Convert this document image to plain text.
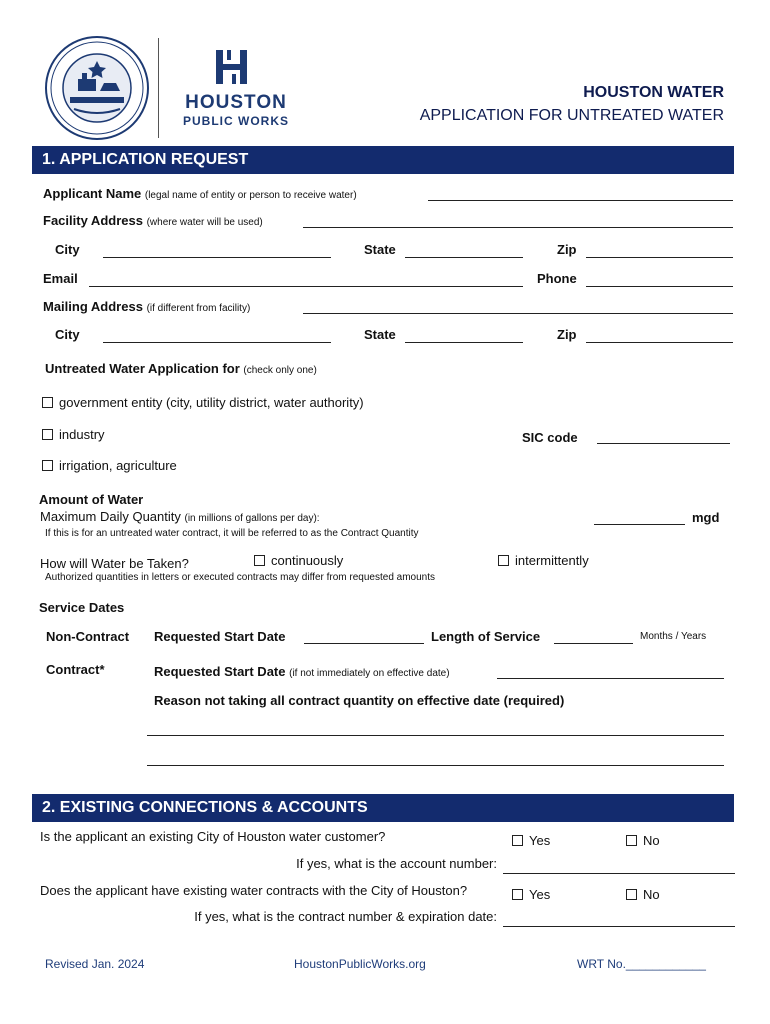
HOUSTON
PUBLIC WORKS
HOUSTON WATER
APPLICATION FOR UNTREATED WATER
1. APPLICATION REQUEST
Applicant Name (legal name of entity or person to receive water)
Facility Address (where water will be used)
City	State	Zip
Email	Phone
Mailing Address (if different from facility)
City	State	Zip
Untreated Water Application for (check only one)
government entity (city, utility district, water authority)
industry	SIC code
irrigation, agriculture
Amount of Water
Maximum Daily Quantity (in millions of gallons per day):	mgd
If this is for an untreated water contract, it will be referred to as the Contract Quantity
How will Water be Taken?	continuously	intermittently
Authorized quantities in letters or executed contracts may differ from requested amounts
Service Dates
Non-Contract Requested Start Date	Length of Service	Months / Years
Contract*	Requested Start Date (if not immediately on effective date)
Reason not taking all contract quantity on effective date (required)
2. EXISTING CONNECTIONS & ACCOUNTS
Is the applicant an existing City of Houston water customer?	Yes	No
If yes, what is the account number:
Does the applicant have existing water contracts with the City of Houston?	Yes	No
If yes, what is the contract number & expiration date:
Revised Jan. 2024	HoustonPublicWorks.org	WRT No.____________
